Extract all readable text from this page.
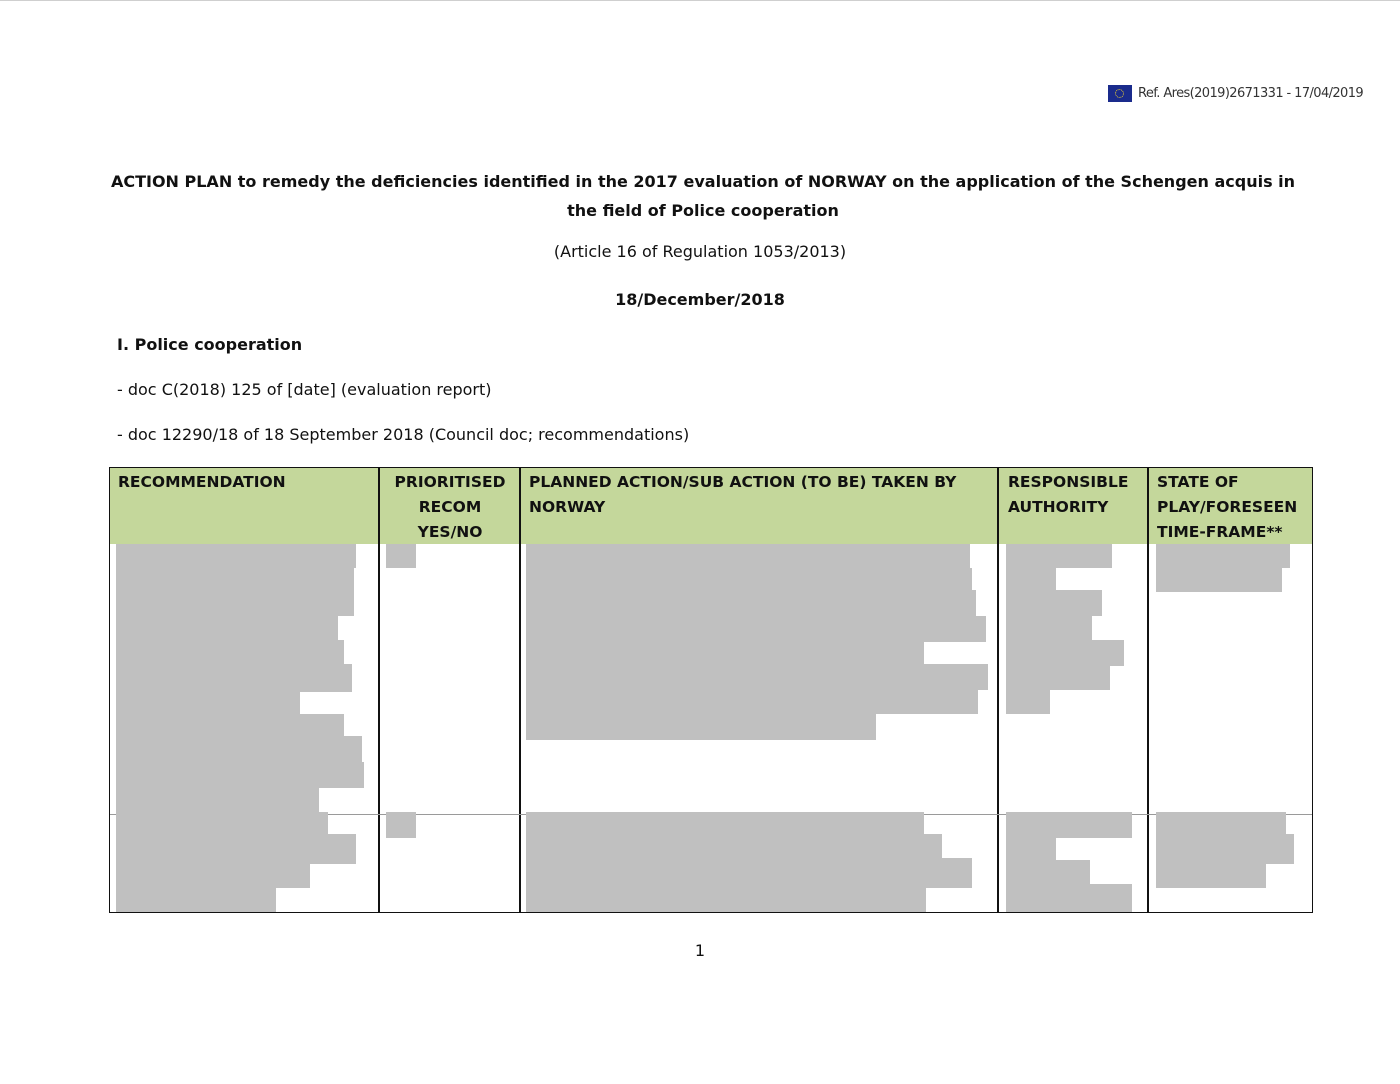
Ref. Ares(2019)2671331 - 17/04/2019
ACTION PLAN to remedy the deficiencies identified in the 2017 evaluation of NORWAY on the application of the Schengen acquis in the field of Police cooperation
(Article 16 of Regulation 1053/2013)
18/December/2018
I. Police cooperation
- doc C(2018) 125 of [date] (evaluation report)
- doc 12290/18 of 18 September 2018 (Council doc; recommendations)
RECOMMENDATION	PRIORITISED RECOM YES/NO
PLANNED ACTION/SUB ACTION (TO BE) TAKEN BY NORWAY
RESPONSIBLE AUTHORITY
STATE OF PLAY/FORESEEN TIME-FRAME**
1
